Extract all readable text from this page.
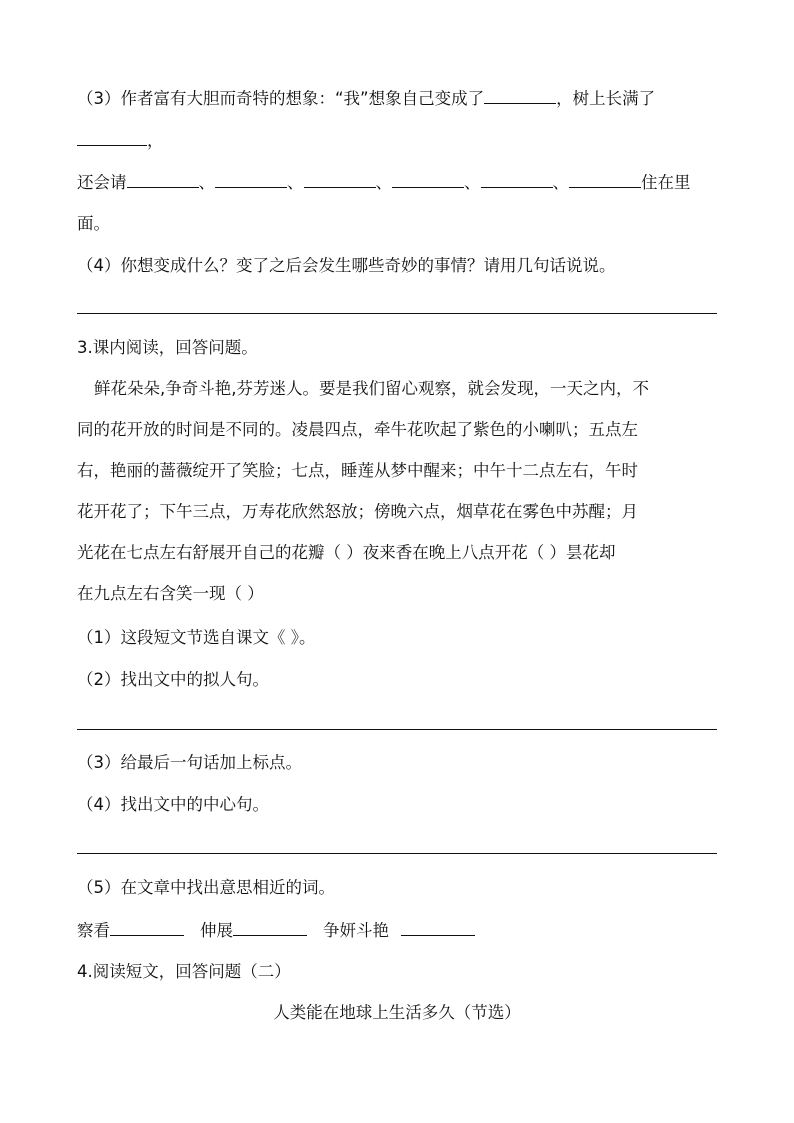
（3）作者富有大胆而奇特的想象：“我”想象自己变成了	，树上长满了
，
还会请	、	、	、	、	、	住在里
面。
（4）你想变成什么？变了之后会发生哪些奇妙的事情？请用几句话说说。
3.课内阅读，回答问题。
鲜花朵朵,争奇斗艳,芬芳迷人。要是我们留心观察，就会发现，一天之内，不
同的花开放的时间是不同的。凌晨四点，牵牛花吹起了紫色的小喇叭；五点左
右，艳丽的蔷薇绽开了笑脸；七点，睡莲从梦中醒来；中午十二点左右，午时
花开花了；下午三点，万寿花欣然怒放；傍晚六点，烟草花在雾色中苏醒；月
光花在七点左右舒展开自己的花瓣（ ）夜来香在晚上八点开花（ ）昙花却
在九点左右含笑一现（ ）
（1）这段短文节选自课文《 》。
（2）找出文中的拟人句。
（3）给最后一句话加上标点。
（4）找出文中的中心句。
（5）在文章中找出意思相近的词。
察看	伸展	争妍斗艳
4.阅读短文，回答问题（二）
人类能在地球上生活多久（节选）
